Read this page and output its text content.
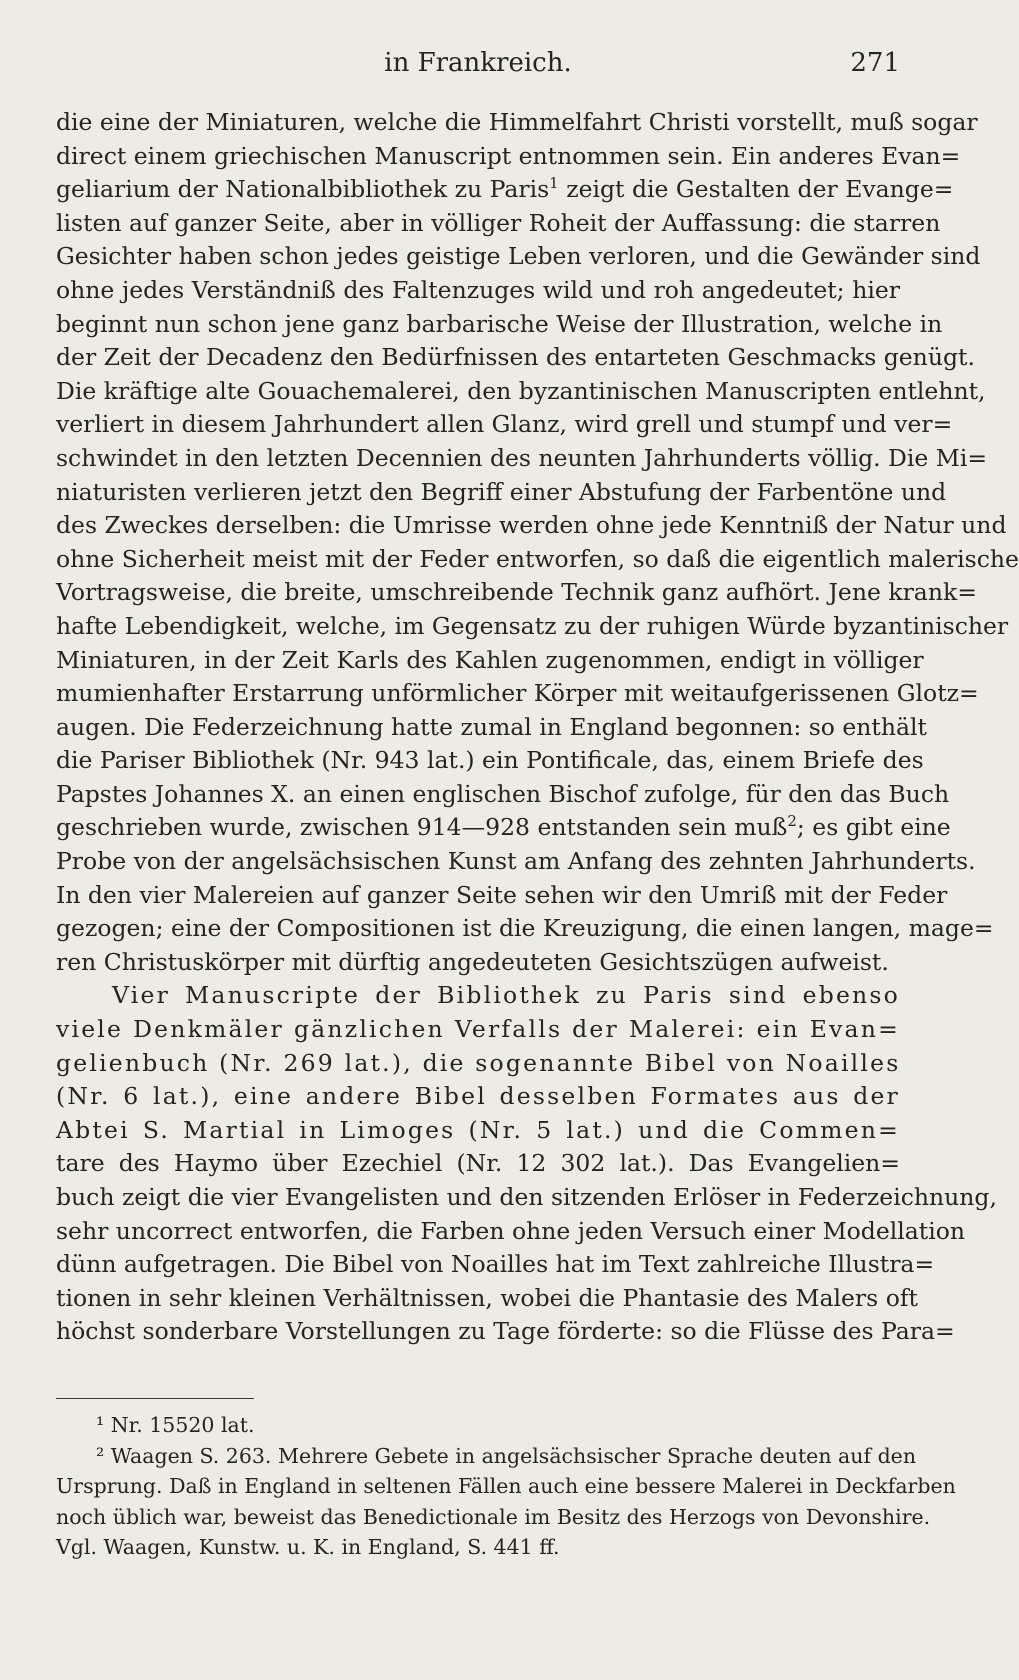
in Frankreich.	271
die eine der Miniaturen, welche die Himmelfahrt Christi vorstellt, muß sogar
direct einem griechischen Manuscript entnommen sein. Ein anderes Evan=
geliarium der Nationalbibliothek zu Paris$^1$ zeigt die Gestalten der Evange=
listen auf ganzer Seite, aber in völliger Roheit der Auffassung: die starren
Gesichter haben schon jedes geistige Leben verloren, und die Gewänder sind
ohne jedes Verständniß des Faltenzuges wild und roh angedeutet; hier
beginnt nun schon jene ganz barbarische Weise der Illustration, welche in
der Zeit der Decadenz den Bedürfnissen des entarteten Geschmacks genügt.
Die kräftige alte Gouachemalerei, den byzantinischen Manuscripten entlehnt,
verliert in diesem Jahrhundert allen Glanz, wird grell und stumpf und ver=
schwindet in den letzten Decennien des neunten Jahrhunderts völlig. Die Mi=
niaturisten verlieren jetzt den Begriff einer Abstufung der Farbentöne und
des Zweckes derselben: die Umrisse werden ohne jede Kenntniß der Natur und
ohne Sicherheit meist mit der Feder entworfen, so daß die eigentlich malerische
Vortragsweise, die breite, umschreibende Technik ganz aufhört. Jene krank=
hafte Lebendigkeit, welche, im Gegensatz zu der ruhigen Würde byzantinischer
Miniaturen, in der Zeit Karls des Kahlen zugenommen, endigt in völliger
mumienhafter Erstarrung unförmlicher Körper mit weitaufgerissenen Glotz=
augen. Die Federzeichnung hatte zumal in England begonnen: so enthält
die Pariser Bibliothek (Nr. 943 lat.) ein Pontificale, das, einem Briefe des
Papstes Johannes X. an einen englischen Bischof zufolge, für den das Buch
geschrieben wurde, zwischen 914—928 entstanden sein muß$^2$; es gibt eine
Probe von der angelsächsischen Kunst am Anfang des zehnten Jahrhunderts.
In den vier Malereien auf ganzer Seite sehen wir den Umriß mit der Feder
gezogen; eine der Compositionen ist die Kreuzigung, die einen langen, mage=
ren Christuskörper mit dürftig angedeuteten Gesichtszügen aufweist.
Vier Manuscripte der Bibliothek zu Paris sind ebenso
viele Denkmäler gänzlichen Verfalls der Malerei: ein Evan=
gelienbuch (Nr. 269 lat.), die sogenannte Bibel von Noailles
(Nr. 6 lat.), eine andere Bibel desselben Formates aus der
Abtei S. Martial in Limoges (Nr. 5 lat.) und die Commen=
tare des Haymo über Ezechiel (Nr. 12 302 lat.). Das Evangelien=
buch zeigt die vier Evangelisten und den sitzenden Erlöser in Federzeichnung,
sehr uncorrect entworfen, die Farben ohne jeden Versuch einer Modellation
dünn aufgetragen. Die Bibel von Noailles hat im Text zahlreiche Illustra=
tionen in sehr kleinen Verhältnissen, wobei die Phantasie des Malers oft
höchst sonderbare Vorstellungen zu Tage förderte: so die Flüsse des Para=
¹ Nr. 15520 lat.
² Waagen S. 263. Mehrere Gebete in angelsächsischer Sprache deuten auf den
Ursprung. Daß in England in seltenen Fällen auch eine bessere Malerei in Deckfarben
noch üblich war, beweist das Benedictionale im Besitz des Herzogs von Devonshire.
Vgl. Waagen, Kunstw. u. K. in England, S. 441 ff.
